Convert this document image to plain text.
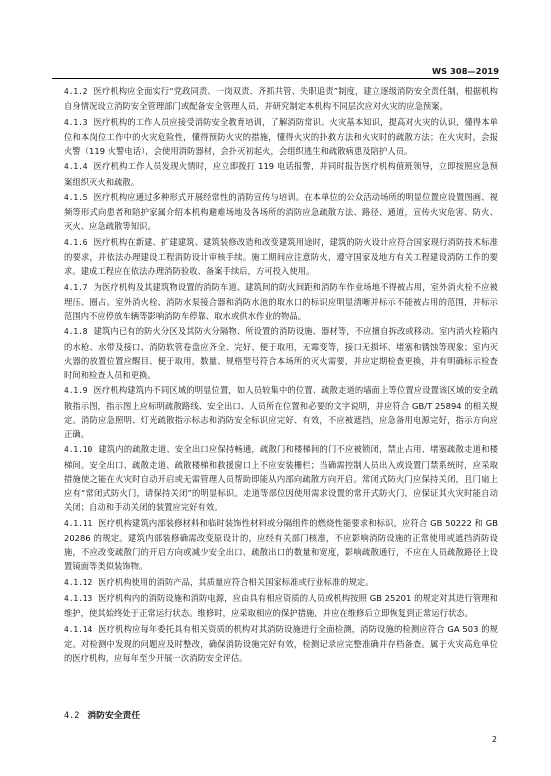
WS 308—2019

4.1.2 医疗机构应全面实行“党政同责、一岗双责、齐抓共管、失职追责”制度，建立逐级消防安全责任制，根据机构自身情况设立消防安全管理部门或配备安全管理人员，并研究制定本机构不同层次应对火灾的应急预案。

4.1.3 医疗机构的工作人员应接受消防安全教育培训，了解消防常识、火灾基本知识，提高对火灾的认识，懂得本单位和本岗位工作中的火灾危险性，懂得预防火灾的措施，懂得火灾的扑救方法和火灾时的疏散方法；在火灾时，会报火警（119 火警电话），会使用消防器材，会扑灭初起火，会组织逃生和疏散病患及陪护人员。

4.1.4 医疗机构工作人员发现火情时，应立即拨打 119 电话报警，并同时报告医疗机构值班领导，立即按照应急预案组织灭火和疏散。

4.1.5 医疗机构应通过多种形式开展经常性的消防宣传与培训。在本单位的公众活动场所的明显位置应设置图画、视频等形式向患者和陪护家属介绍本机构避难场地及各场所的消防应急疏散方法、路径、通道，宣传火灾危害、防火、灭火、应急疏散等知识。

4.1.6 医疗机构在新建、扩建建筑、建筑装修改造和改变建筑用途时，建筑的防火设计应符合国家现行消防技术标准的要求，并依法办理建设工程消防设计审核手续。施工期间应注意防火，遵守国家及地方有关工程建设消防工作的要求。建成工程应在依法办理消防验收、备案手续后，方可投入使用。

4.1.7 为医疗机构及其建筑物设置的消防车道、建筑间的防火间距和消防车作业场地不得被占用，室外消火栓不应被埋压、圈占。室外消火栓、消防水泵接合器和消防水池的取水口的标识应明显清晰并标示不能被占用的范围，并标示范围内不应停放车辆等影响消防车停靠、取水或供水作业的物品。

4.1.8 建筑内已有的防火分区及其防火分隔物、所设置的消防设施、器材等，不应擅自拆改或移动。室内消火栓箱内的水枪、水带及接口、消防软管卷盘应齐全、完好、便于取用，无霉变等，接口无损坏、堵塞和锈蚀等现象；室内灭火器的放置位置应醒目、便于取用，数量、规格型号符合本场所的灭火需要，并应定期检查更换，并有明确标示检查时间和检查人员和更换。

4.1.9 医疗机构建筑内不同区域的明显位置，如人员较集中的位置、疏散走道的墙面上等位置应设置该区域的安全疏散指示图，指示图上应标明疏散路线、安全出口、人员所在位置和必要的文字说明，并应符合 GB/T 25894 的相关规定。消防应急照明、灯光疏散指示标志和消防安全标识应完好、有效，不应被遮挡，应急备用电源完好，指示方向应正确。

4.1.10 建筑内的疏散走道、安全出口应保持畅通，疏散门和楼梯间的门不应被锁闭，禁止占用、堵塞疏散走道和楼梯间。安全出口、疏散走道、疏散楼梯和救援窗口上不应安装栅栏；当确需控制人员出入或设置门禁系统时，应采取措施使之能在火灾时自动开启或无需管理人员帮助即能从内部向疏散方向开启。常闭式防火门应保持关闭，且门扇上应有“常闭式防火门，请保持关闭”的明显标识。走道等部位因使用需求设置的常开式防火门，应保证其火灾时能自动关闭；自动和手动关闭的装置应完好有效。

4.1.11 医疗机构建筑内部装修材料和临时装饰性材料或分隔组件的燃烧性能要求和标识，应符合 GB 50222 和 GB 20286 的规定。建筑内部装修确需改变原设计的，应经有关部门核准，不应影响消防设施的正常使用或遮挡消防设施，不应改变疏散门的开启方向或减少安全出口、疏散出口的数量和宽度，影响疏散通行，不应在人员疏散路径上设置镜面等类似装饰物。

4.1.12 医疗机构使用的消防产品，其质量应符合相关国家标准或行业标准的规定。

4.1.13 医疗机构内的消防设施和消防电源，应由具有相应资质的人员或机构按照 GB 25201 的规定对其进行管理和维护，使其始终处于正常运行状态。维修时，应采取相应的保护措施，并应在维修后立即恢复到正常运行状态。

4.1.14 医疗机构应每年委托具有相关资质的机构对其消防设施进行全面检测，消防设施的检测应符合 GA 503 的规定。对检测中发现的问题应及时整改，确保消防设施完好有效，检测记录应完整准确并存档备查。属于火灾高危单位的医疗机构，应每年至少开展一次消防安全评估。

4.2 消防安全责任
2
